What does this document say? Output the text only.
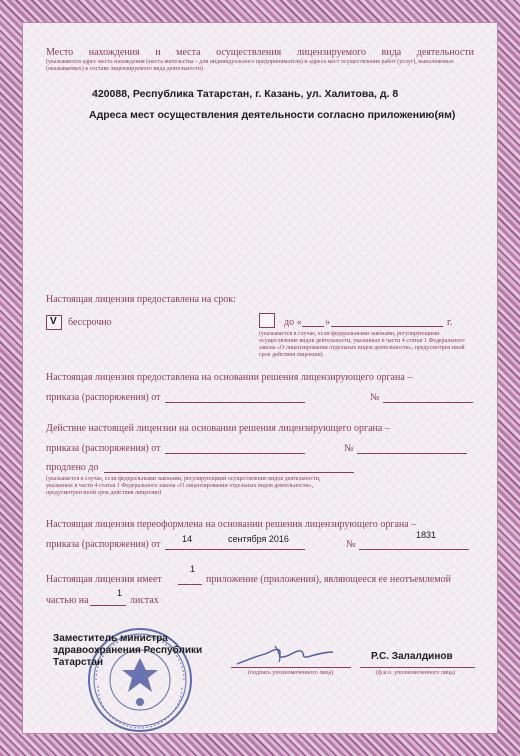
Место нахождения и места осуществления лицензируемого вида деятельности
(указываются адрес места нахождения (места жительства – для индивидуального предпринимателя) и адреса мест осуществления работ (услуг), выполняемых (оказываемых) в составе лицензируемого вида деятельности)
420088, Республика Татарстан, г. Казань, ул. Халитова, д. 8
Адреса мест осуществления деятельности согласно приложению(ям)
Настоящая лицензия предоставлена на срок:
V бессрочно	до « »	г.
(указывается в случае, если федеральными законами, регулирующими осуществление видов деятельности, указанных в части 4 статьи 1 Федерального закона «О лицензировании отдельных видов деятельности», предусмотрен иной срок действия лицензии)
Настоящая лицензия предоставлена на основании решения лицензирующего органа –
приказа (распоряжения) от	№
Действие настоящей лицензии на основании решения лицензирующего органа –
приказа (распоряжения) от	№
продлено до
(указывается в случае, если федеральными законами, регулирующими осуществление видов деятельности, указанных в части 4 статьи 1 Федерального закона «О лицензировании отдельных видов деятельности», предусмотрен иной срок действия лицензии)
Настоящая лицензия переоформлена на основании решения лицензирующего органа –
приказа (распоряжения) от 14	сентября 2016	№
1831
Настоящая лицензия имеет
1
приложение (приложения), являющееся ее неотъемлемой
частью на
1
листах
Заместитель министра здравоохранения Республики Татарстан
(подпись уполномоченного лица)
Р.С. Залалдинов
(ф.и.о. уполномоченного лица)
